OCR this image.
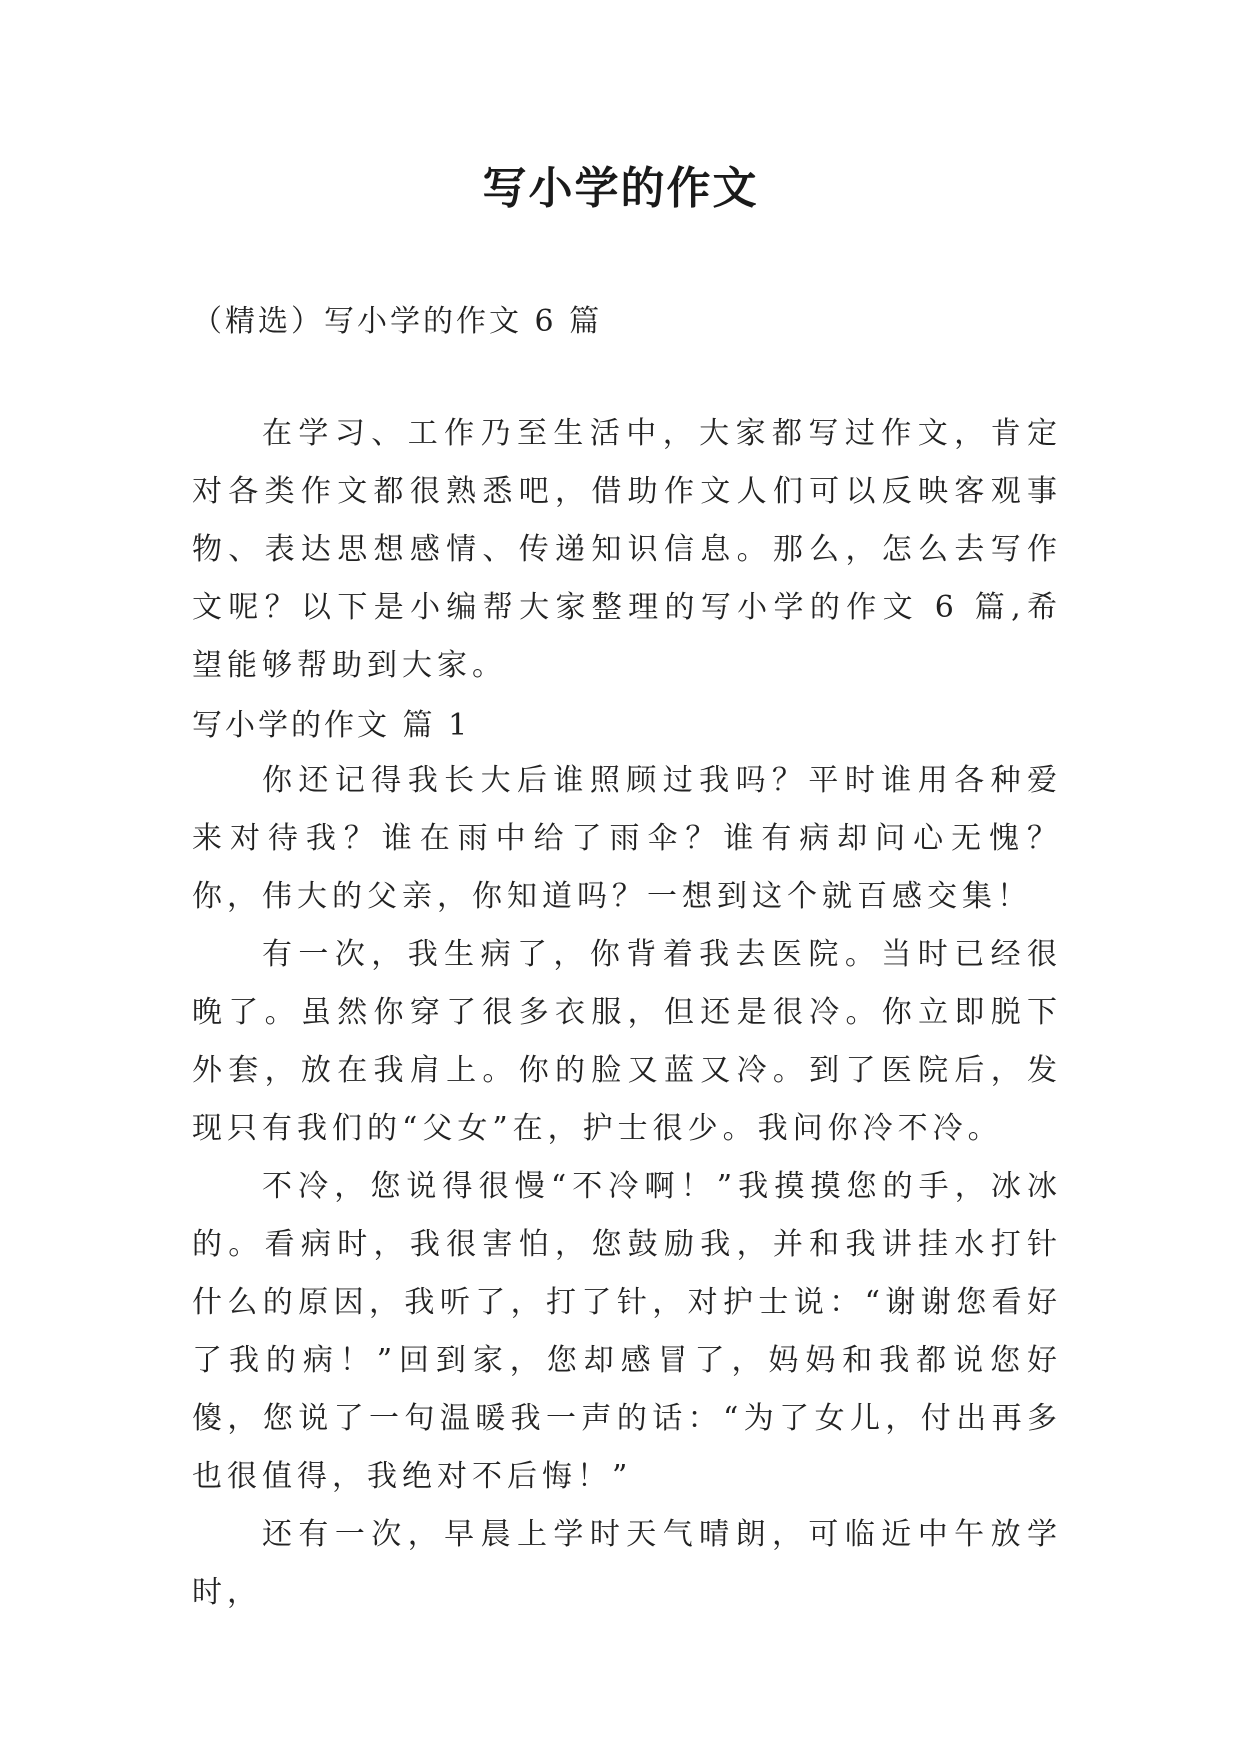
写小学的作文
（精选）写小学的作文 6 篇

在学习、工作乃至生活中，大家都写过作文，肯定对各类作文都很熟悉吧，借助作文人们可以反映客观事物、表达思想感情、传递知识信息。那么，怎么去写作文呢？以下是小编帮大家整理的写小学的作文 6 篇,希望能够帮助到大家。

写小学的作文 篇 1

你还记得我长大后谁照顾过我吗？平时谁用各种爱来对待我？谁在雨中给了雨伞？谁有病却问心无愧？你，伟大的父亲，你知道吗？一想到这个就百感交集！

有一次，我生病了，你背着我去医院。当时已经很晚了。虽然你穿了很多衣服，但还是很冷。你立即脱下外套，放在我肩上。你的脸又蓝又冷。到了医院后，发现只有我们的“父女”在，护士很少。我问你冷不冷。

不冷，您说得很慢“不冷啊！”我摸摸您的手，冰冰的。看病时，我很害怕，您鼓励我，并和我讲挂水打针什么的原因，我听了，打了针，对护士说：“谢谢您看好了我的病！”回到家，您却感冒了，妈妈和我都说您好傻，您说了一句温暖我一声的话：“为了女儿，付出再多也很值得，我绝对不后悔！”

还有一次，早晨上学时天气晴朗，可临近中午放学时，
